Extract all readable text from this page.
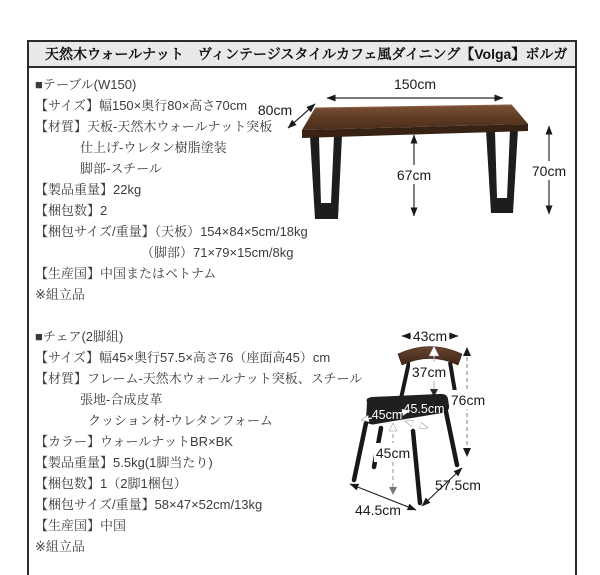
天然木ウォールナット　ヴィンテージスタイルカフェ風ダイニング【Volga】ボルガ
■テーブル(W150)
【サイズ】幅150×奥行80×高さ70cm
【材質】天板-天然木ウォールナット突板
仕上げ-ウレタン樹脂塗装
脚部-スチール
【製品重量】22kg
【梱包数】2
【梱包サイズ/重量】（天板）154×84×5cm/18kg
（脚部）71×79×15cm/8kg
【生産国】中国またはベトナム
※組立品
■チェア(2脚組)
【サイズ】幅45×奥行57.5×高さ76（座面高45）cm
【材質】フレーム-天然木ウォールナット突板、スチール
張地-合成皮革
クッション材-ウレタンフォーム
【カラー】ウォールナットBR×BK
【製品重量】5.5kg(1脚当たり)
【梱包数】1（2脚1梱包）
【梱包サイズ/重量】58×47×52cm/13kg
【生産国】中国
※組立品
150cm
80cm
67cm	70cm
43cm
37cm
76cm
45cm 45.5cm
45cm
57.5cm
44.5cm
